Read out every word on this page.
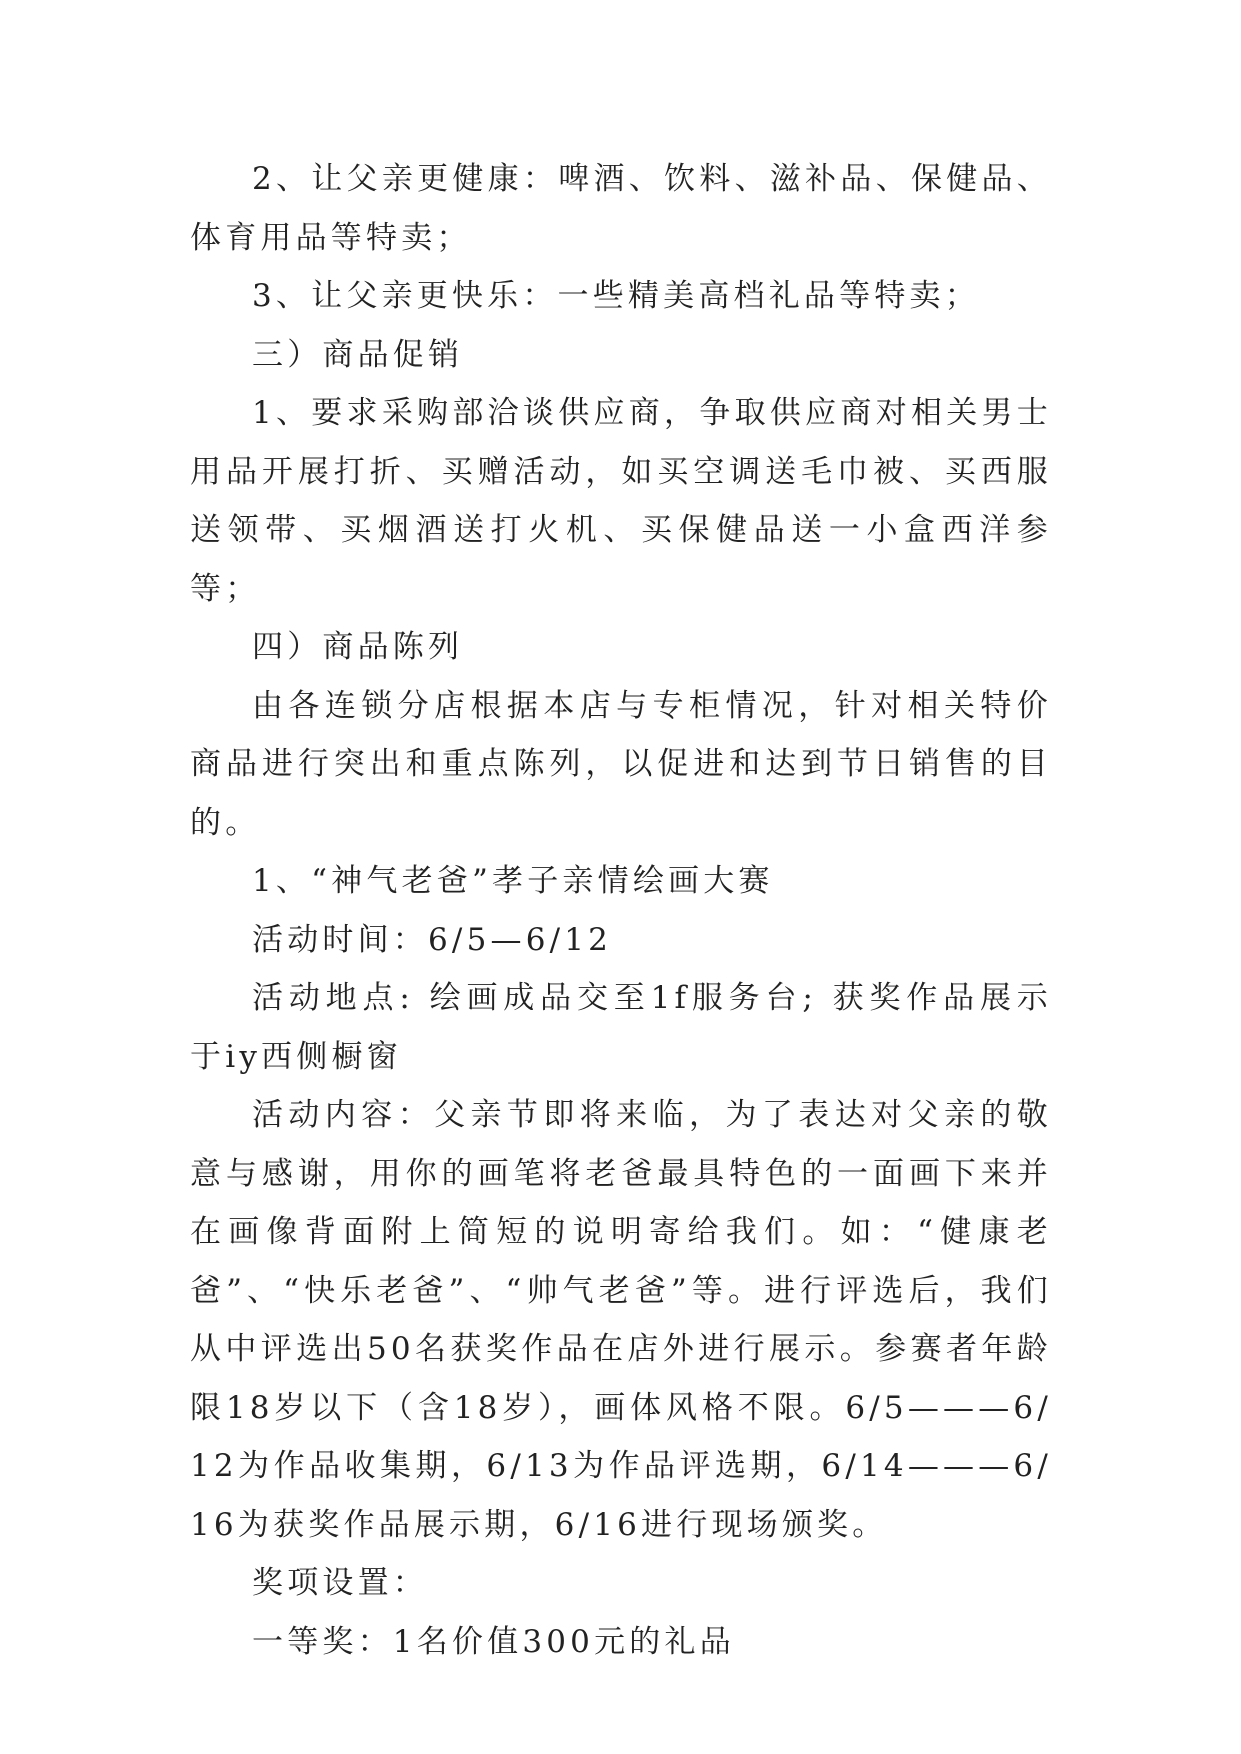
2、让父亲更健康：啤酒、饮料、滋补品、保健品、体育用品等特卖；

3、让父亲更快乐：一些精美高档礼品等特卖；

三）商品促销

1、要求采购部洽谈供应商，争取供应商对相关男士用品开展打折、买赠活动，如买空调送毛巾被、买西服送领带、买烟酒送打火机、买保健品送一小盒西洋参等；

四）商品陈列

由各连锁分店根据本店与专柜情况，针对相关特价商品进行突出和重点陈列，以促进和达到节日销售的目的。

1、“神气老爸”孝子亲情绘画大赛

活动时间：6/5—6/12

活动地点: 绘画成品交至1f服务台; 获奖作品展示于iy西侧橱窗

活动内容：父亲节即将来临，为了表达对父亲的敬意与感谢，用你的画笔将老爸最具特色的一面画下来并在画像背面附上简短的说明寄给我们。如：“健康老爸”、“快乐老爸”、“帅气老爸”等。进行评选后，我们从中评选出50名获奖作品在店外进行展示。参赛者年龄限18岁以下（含18岁），画体风格不限。6/5———6/12为作品收集期，6/13为作品评选期，6/14———6/16为获奖作品展示期，6/16进行现场颁奖。

奖项设置：

一等奖：1名价值300元的礼品
